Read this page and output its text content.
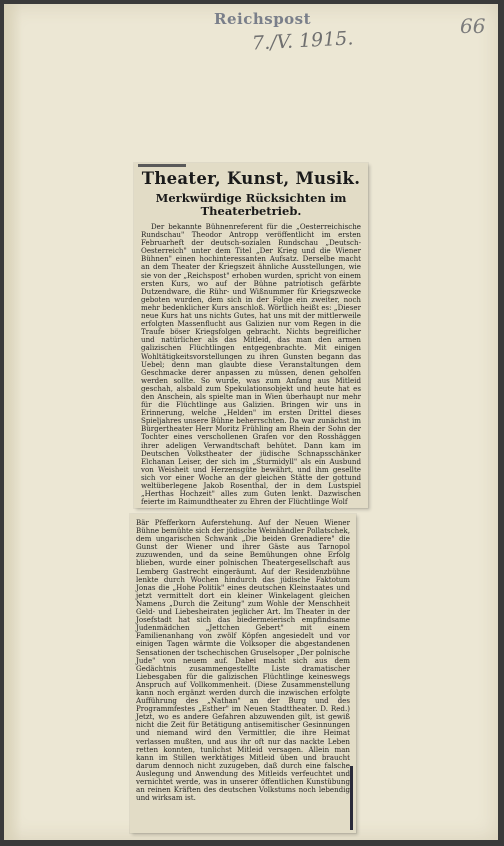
Reichspost
7./V. 1915.
66
Theater, Kunst, Musik.
Merkwürdige Rücksichten im Theaterbetrieb.
Der bekannte Bühnenreferent für die „Oesterreichische Rundschau" Theodor Antropp veröffentlicht im ersten Februarheft der deutsch-sozialen Rundschau „Deutsch-Oesterreich" unter dem Titel „Der Krieg und die Wiener Bühnen" einen hochinteressanten Aufsatz. Derselbe macht an dem Theater der Kriegszeit ähnliche Ausstellungen, wie sie von der „Reichspost" erhoben wurden, spricht von einem ersten Kurs, wo auf der Bühne patriotisch gefärbte Dutzendware, die Rühr- und Wißnummer für Kriegszwecke geboten wurden, dem sich in der Folge ein zweiter, noch mehr bedenklicher Kurs anschloß. Wörtlich heißt es: „Dieser neue Kurs hat uns nichts Gutes, hat uns mit der mittlerweile erfolgten Massenflucht aus Galizien nur vom Regen in die Traufe böser Kriegsfolgen gebracht. Nichts begreiflicher und natürlicher als das Mitleid, das man den armen galizischen Flüchtlingen entgegenbrachte. Mit einigen Wohltätigkeitsvorstellungen zu ihren Gunsten begann das Uebel; denn man glaubte diese Veranstaltungen dem Geschmacke derer anpassen zu müssen, denen geholfen werden sollte. So wurde, was zum Anfang aus Mitleid geschah, alsbald zum Spekulationsobjekt und heute hat es den Anschein, als spielte man in Wien überhaupt nur mehr für die Flüchtlinge aus Galizien. Bringen wir uns in Erinnerung, welche „Helden" im ersten Drittel dieses Spieljahres unsere Bühne beherrschten. Da war zunächst im Bürgertheater Herr Moritz Frühling am Rhein der Sohn der Tochter eines verschollenen Grafen vor den Rosshäggen ihrer adeligen Verwandtschaft behütet. Dann kam im Deutschen Volkstheater der jüdische Schnapsschänker Elchanan Leiser, der sich im „Sturmidyll" als ein Ausbund von Weisheit und Herzensgüte bewährt, und ihm gesellte sich vor einer Woche an der gleichen Stätte der gottund weltüberlegene Jakob Rosenthal, der in dem Lustspiel „Herthas Hochzeit" alles zum Guten lenkt. Dazwischen feierte im Raimundtheater zu Ehren der Flüchtlinge Wolf
Bär Pfefferkorn Auferstehung. Auf der Neuen Wiener Bühne bemühte sich der jüdische Weinhändler Pollatschek, dem ungarischen Schwank „Die beiden Grenadiere" die Gunst der Wiener und ihrer Gäste aus Tarnopol zuzuwenden, und da seine Bemühungen ohne Erfolg blieben, wurde einer polnischen Theatergesellschaft aus Lemberg Gastrecht eingeräumt. Auf der Residenzbühne lenkte durch Wochen hindurch das jüdische Faktotum Jonas die „Hohe Politik" eines deutschen Kleinstaates und jetzt vermittelt dort ein kleiner Winkelagent gleichen Namens „Durch die Zeitung" zum Wohle der Menschheit Geld- und Liebesheiraten jeglicher Art. Im Theater in der Josefstadt hat sich das biedermeierisch empfindsame Judenmädchen „Jettchen Gebert" mit einem Familienanhang von zwölf Köpfen angesiedelt und vor einigen Tagen wärmte die Volksoper die abgestandenen Sensationen der tschechischen Gruselsoper „Der polnische Jude" von neuem auf. Dabei macht sich aus dem Gedächtnis zusammengestellte Liste dramatischer Liebesgaben für die galizischen Flüchtlinge keineswegs Anspruch auf Vollkommenheit. (Diese Zusammenstellung kann noch ergänzt werden durch die inzwischen erfolgte Aufführung des „Nathan" an der Burg und des Programmfestes „Esther" im Neuen Stadttheater. D. Red.) Jetzt, wo es andere Gefahren abzuwenden gilt, ist gewiß nicht die Zeit für Betätigung antisemitischer Gesinnungen und niemand wird den Vermittler, die ihre Heimat verlassen mußten, und aus ihr oft nur das nackte Leben retten konnten, tunlichst Mitleid versagen. Allein man kann im Stillen werktätiges Mitleid üben und braucht darum dennoch nicht zuzugeben, daß durch eine falsche Auslegung und Anwendung des Mitleids verfeuchtet und vernichtet werde, was in unserer öffentlichen Kunstübung an reinen Kräften des deutschen Volkstums noch lebendig und wirksam ist.
